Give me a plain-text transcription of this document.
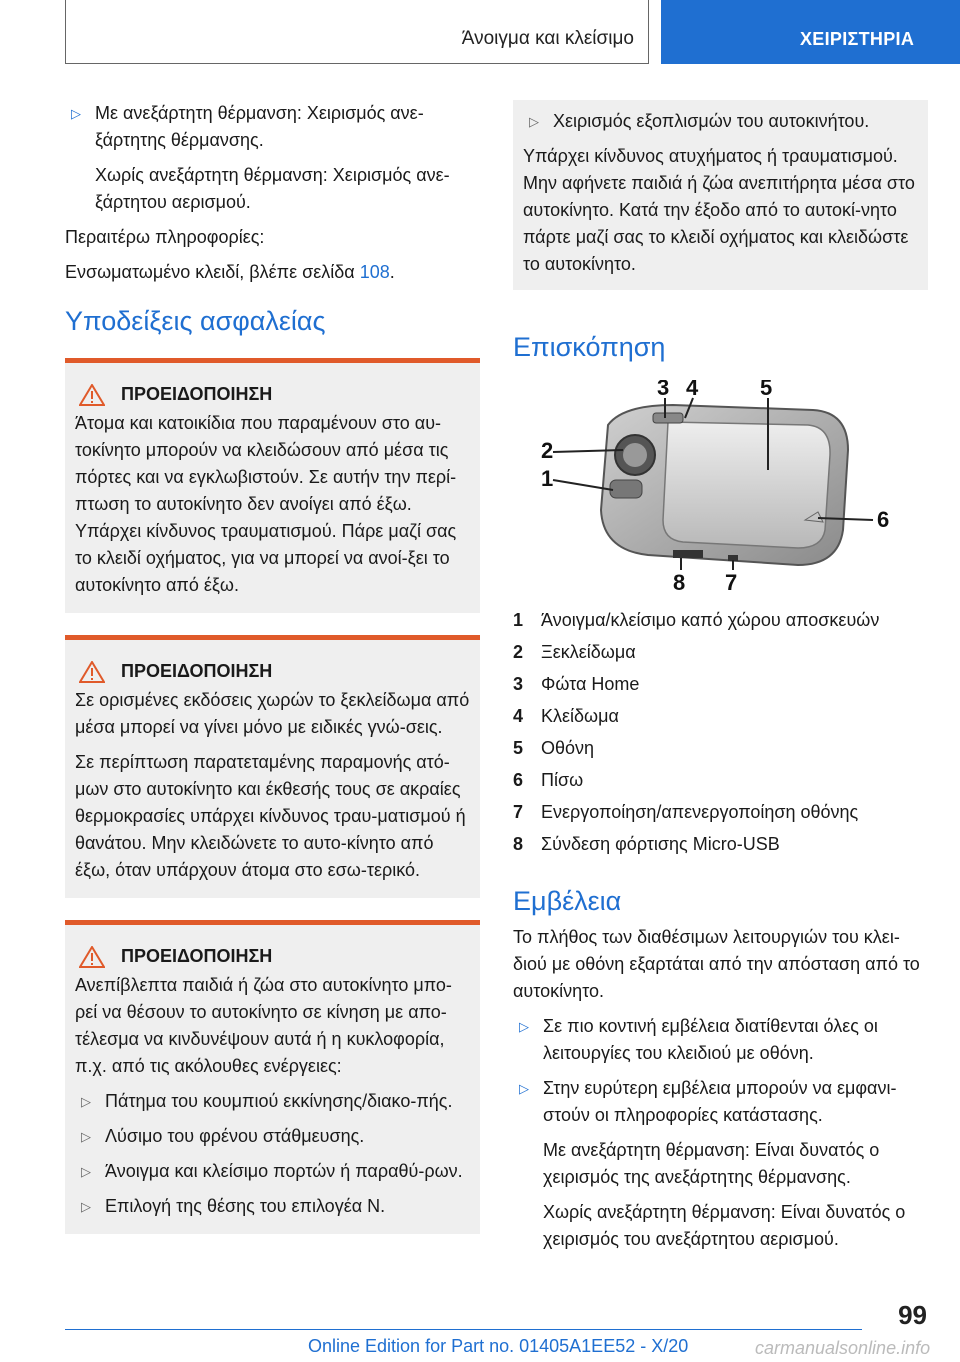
Άνοιγμα και κλείσιμο	ΧΕΙΡΙΣΤΗΡΙΑ
▷ Με ανεξάρτητη θέρμανση: Χειρισμός ανε-ξάρτητης θέρμανσης.

Χωρίς ανεξάρτητη θέρμανση: Χειρισμός ανε-ξάρτητου αερισμού.

Περαιτέρω πληροφορίες:

Ενσωματωμένο κλειδί, βλέπε σελίδα 108.

Υποδείξεις ασφαλείας
ΠΡΟΕΙΔΟΠΟΙΗΣΗ

Άτομα και κατοικίδια που παραμένουν στο αυ-τοκίνητο μπορούν να κλειδώσουν από μέσα τις πόρτες και να εγκλωβιστούν. Σε αυτήν την περί-πτωση το αυτοκίνητο δεν ανοίγει από έξω. Υπάρχει κίνδυνος τραυματισμού. Πάρε μαζί σας το κλειδί οχήματος, για να μπορεί να ανοί-ξει το αυτοκίνητο από έξω.

ΠΡΟΕΙΔΟΠΟΙΗΣΗ

Σε ορισμένες εκδόσεις χωρών το ξεκλείδωμα από μέσα μπορεί να γίνει μόνο με ειδικές γνώ-σεις.

Σε περίπτωση παρατεταμένης παραμονής ατό-μων στο αυτοκίνητο και έκθεσής τους σε ακραίες θερμοκρασίες υπάρχει κίνδυνος τραυ-ματισμού ή θανάτου. Μην κλειδώνετε το αυτο-κίνητο από έξω, όταν υπάρχουν άτομα στο εσω-τερικό.

ΠΡΟΕΙΔΟΠΟΙΗΣΗ

Ανεπίβλεπτα παιδιά ή ζώα στο αυτοκίνητο μπο-ρεί να θέσουν το αυτοκίνητο σε κίνηση με απο-τέλεσμα να κινδυνέψουν αυτά ή η κυκλοφορία, π.χ. από τις ακόλουθες ενέργειες:

▷ Πάτημα του κουμπιού εκκίνησης/διακο-πής.

▷ Λύσιμο του φρένου στάθμευσης.

▷ Άνοιγμα και κλείσιμο πορτών ή παραθύ-ρων.

▷ Επιλογή της θέσης του επιλογέα N.

▷ Χειρισμός εξοπλισμών του αυτοκινήτου.

Υπάρχει κίνδυνος ατυχήματος ή τραυματισμού. Μην αφήνετε παιδιά ή ζώα ανεπιτήρητα μέσα στο αυτοκίνητο. Κατά την έξοδο από το αυτοκί-νητο πάρτε μαζί σας το κλειδί οχήματος και κλειδώστε το αυτοκίνητο.

Επισκόπηση
1
2
3 4	5
6
7
8
1 Άνοιγμα/κλείσιμο καπό χώρου αποσκευών
2 Ξεκλείδωμα
3 Φώτα Home
4 Κλείδωμα
5 Οθόνη
6 Πίσω
7 Ενεργοποίηση/απενεργοποίηση οθόνης
8 Σύνδεση φόρτισης Micro-USB
Εμβέλεια

Το πλήθος των διαθέσιμων λειτουργιών του κλει-διού με οθόνη εξαρτάται από την απόσταση από το αυτοκίνητο.

▷ Σε πιο κοντινή εμβέλεια διατίθενται όλες οι λειτουργίες του κλειδιού με οθόνη.

▷ Στην ευρύτερη εμβέλεια μπορούν να εμφανι-στούν οι πληροφορίες κατάστασης.

Με ανεξάρτητη θέρμανση: Είναι δυνατός ο χειρισμός της ανεξάρτητης θέρμανσης.

Χωρίς ανεξάρτητη θέρμανση: Είναι δυνατός ο χειρισμός του ανεξάρτητου αερισμού.

99
Online Edition for Part no. 01405A1EE52 - X/20	carmanualsonline.info
